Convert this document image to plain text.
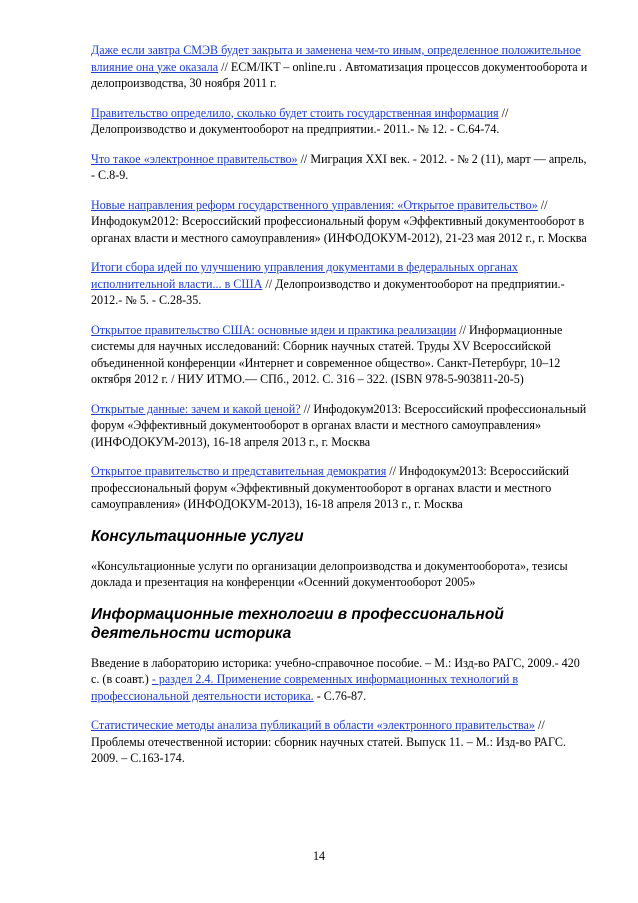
Даже если завтра СМЭВ будет закрыта и заменена чем-то иным, определенное положительное влияние она уже оказала // ECM/IKT – online.ru . Автоматизация процессов документооборота и делопроизводства, 30 ноября 2011 г.

Правительство определило, сколько будет стоить государственная информация // Делопроизводство и документооборот на предприятии.- 2011.- № 12. - С.64-74.

Что такое «электронное правительство» // Миграция XXI век. - 2012. - № 2 (11), март — апрель, - С.8-9.

Новые направления реформ государственного управления: «Открытое правительство» // Инфодокум2012: Всероссийский профессиональный форум «Эффективный документооборот в органах власти и местного самоуправления» (ИНФОДОКУМ-2012), 21-23 мая 2012 г., г. Москва

Итоги сбора идей по улучшению управления документами в федеральных органах исполнительной власти... в США // Делопроизводство и документооборот на предприятии.- 2012.- № 5. - С.28-35.

Открытое правительство США: основные идеи и практика реализации // Информационные системы для научных исследований: Сборник научных статей. Труды XV Всероссийской объединенной конференции «Интернет и современное общество». Санкт-Петербург, 10–12 октября 2012 г. / НИУ ИТМО.— СПб., 2012. С. 316 – 322. (ISBN 978-5-903811-20-5)

Открытые данные: зачем и какой ценой? // Инфодокум2013: Всероссийский профессиональный форум «Эффективный документооборот в органах власти и местного самоуправления» (ИНФОДОКУМ-2013), 16-18 апреля 2013 г., г. Москва

Открытое правительство и представительная демократия // Инфодокум2013: Всероссийский профессиональный форум «Эффективный документооборот в органах власти и местного самоуправления» (ИНФОДОКУМ-2013), 16-18 апреля 2013 г., г. Москва

Консультационные услуги

«Консультационные услуги по организации делопроизводства и документооборота», тезисы доклада и презентация на конференции «Осенний документооборот 2005»

Информационные технологии в профессиональной деятельности историка

Введение в лабораторию историка: учебно-справочное пособие. – М.: Изд-во РАГС, 2009.- 420 с. (в соавт.) - раздел 2.4. Применение современных информационных технологий в профессиональной деятельности историка. - С.76-87.

Статистические методы анализа публикаций в области «электронного правительства» // Проблемы отечественной истории: сборник научных статей. Выпуск 11. – М.: Изд-во РАГС. 2009. – С.163-174.

14
